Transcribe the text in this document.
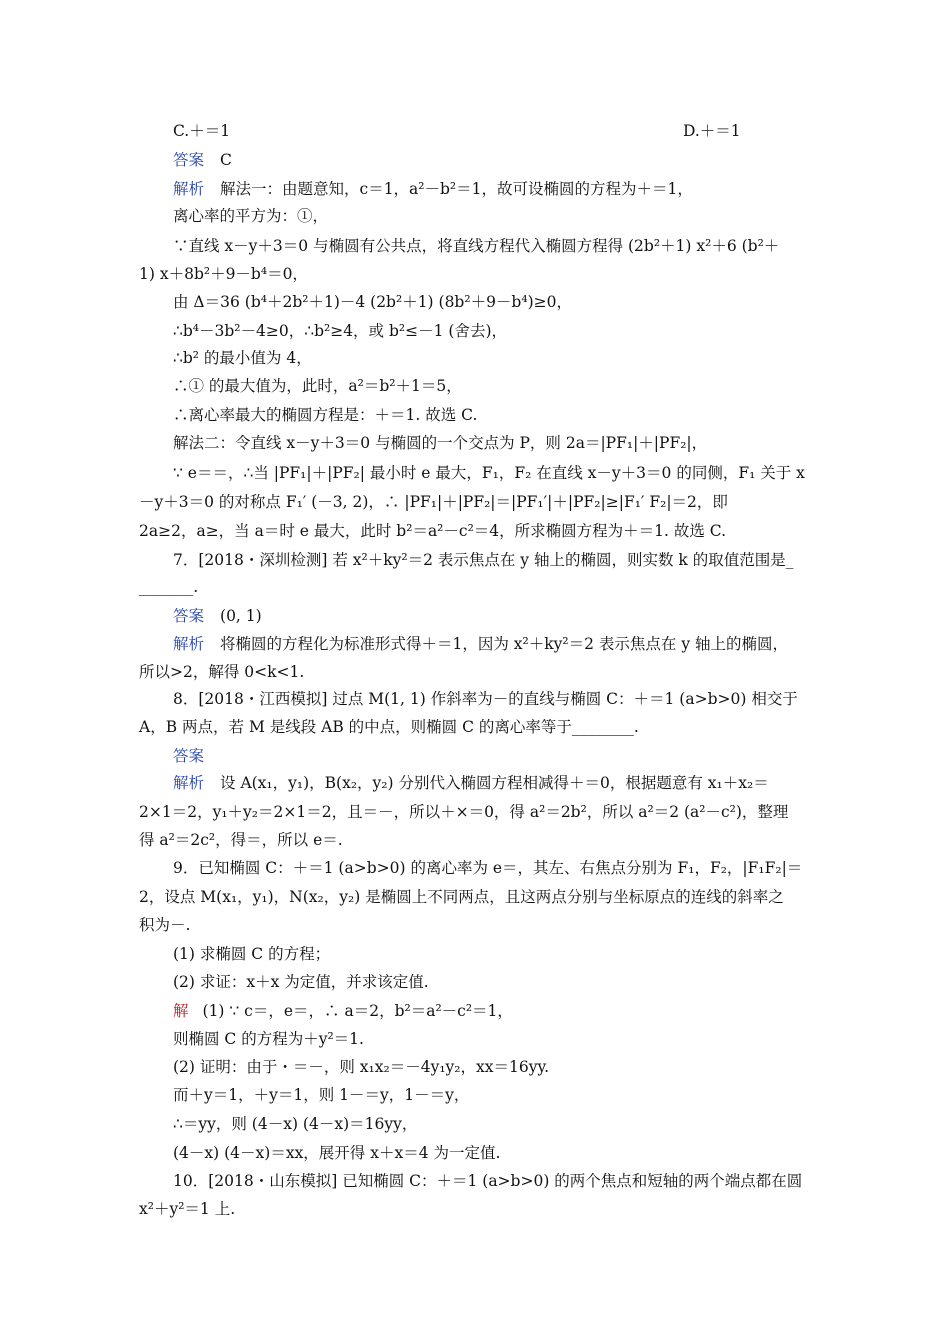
C.＋＝1	D.＋＝1
答案 C
解析 解法一：由题意知，c＝1，a²－b²＝1，故可设椭圆的方程为＋＝1，
离心率的平方为：①，
∵直线 x－y＋3＝0 与椭圆有公共点，将直线方程代入椭圆方程得 (2b²＋1) x²＋6 (b²＋
1) x＋8b²＋9－b⁴＝0，
由 Δ＝36 (b⁴＋2b²＋1)－4 (2b²＋1) (8b²＋9－b⁴)≥0，
∴b⁴－3b²－4≥0，∴b²≥4，或 b²≤－1 (舍去)，
∴b² 的最小值为 4，
∴① 的最大值为，此时，a²＝b²＋1＝5，
∴离心率最大的椭圆方程是：＋＝1. 故选 C.
解法二：令直线 x－y＋3＝0 与椭圆的一个交点为 P，则 2a＝|PF₁|＋|PF₂|，
∵ e＝＝，∴当 |PF₁|＋|PF₂| 最小时 e 最大，F₁，F₂ 在直线 x－y＋3＝0 的同侧，F₁ 关于 x
－y＋3＝0 的对称点 F₁′ (－3, 2)，∴ |PF₁|＋|PF₂|＝|PF₁′|＋|PF₂|≥|F₁′ F₂|＝2，即
2a≥2，a≥，当 a＝时 e 最大，此时 b²＝a²－c²＝4，所求椭圆方程为＋＝1. 故选 C.
7．[2018・深圳检测] 若 x²＋ky²＝2 表示焦点在 y 轴上的椭圆，则实数 k 的取值范围是_
_______.
答案 (0, 1)
解析 将椭圆的方程化为标准形式得＋＝1，因为 x²＋ky²＝2 表示焦点在 y 轴上的椭圆，
所以>2，解得 0<k<1.
8．[2018・江西模拟] 过点 M(1, 1) 作斜率为－的直线与椭圆 C：＋＝1 (a>b>0) 相交于
A，B 两点，若 M 是线段 AB 的中点，则椭圆 C 的离心率等于________.
答案
解析 设 A(x₁，y₁)，B(x₂，y₂) 分别代入椭圆方程相减得＋＝0，根据题意有 x₁＋x₂＝
2×1＝2，y₁＋y₂＝2×1＝2，且＝－，所以＋×＝0，得 a²＝2b²，所以 a²＝2 (a²－c²)，整理
得 a²＝2c²，得＝，所以 e＝.
9．已知椭圆 C：＋＝1 (a>b>0) 的离心率为 e＝，其左、右焦点分别为 F₁，F₂，|F₁F₂|＝
2，设点 M(x₁，y₁)，N(x₂，y₂) 是椭圆上不同两点，且这两点分别与坐标原点的连线的斜率之
积为－.
(1) 求椭圆 C 的方程；
(2) 求证：x＋x 为定值，并求该定值.
解 (1) ∵ c＝，e＝，∴ a＝2，b²＝a²－c²＝1，
则椭圆 C 的方程为＋y²＝1.
(2) 证明：由于・＝－，则 x₁x₂＝－4y₁y₂，xx＝16yy.
而＋y＝1，＋y＝1，则 1－＝y，1－＝y，
∴＝yy，则 (4－x) (4－x)＝16yy，
(4－x) (4－x)＝xx，展开得 x＋x＝4 为一定值.
10．[2018・山东模拟] 已知椭圆 C：＋＝1 (a>b>0) 的两个焦点和短轴的两个端点都在圆
x²＋y²＝1 上.
